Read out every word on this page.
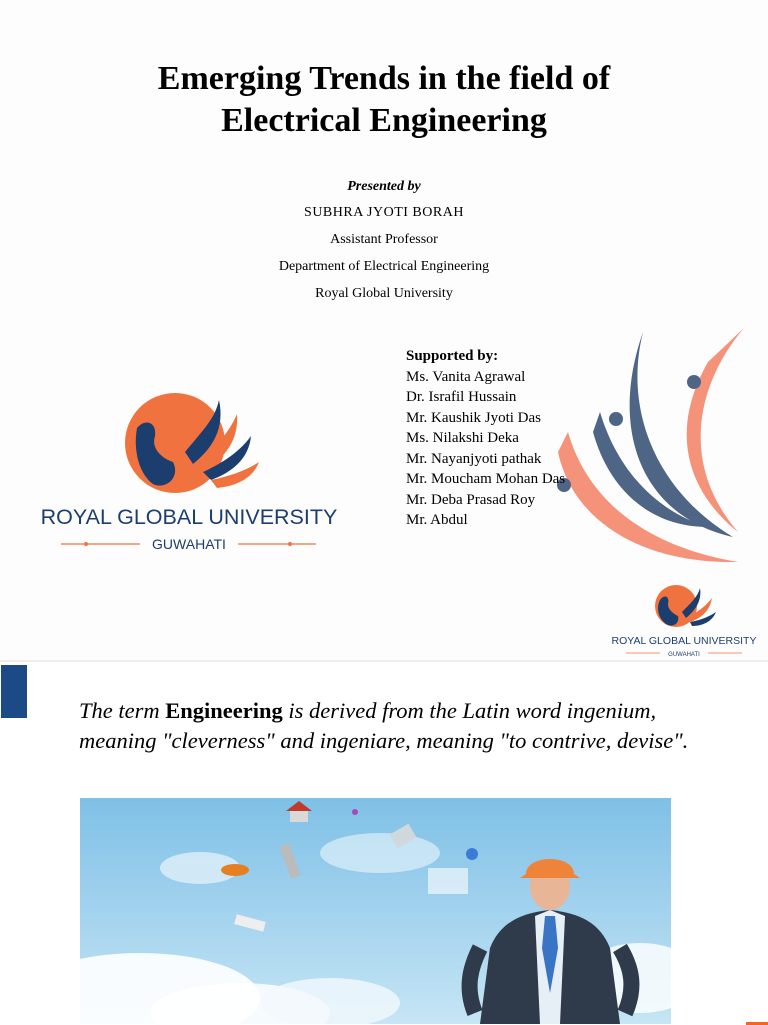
Emerging Trends in the field of
Electrical Engineering
Presented by
SUBHRA JYOTI BORAH
Assistant Professor
Department of Electrical Engineering
Royal Global University
ROYAL GLOBAL UNIVERSITY
GUWAHATI
Supported by:
Ms. Vanita Agrawal
Dr. Israfil Hussain
Mr. Kaushik Jyoti Das
Ms. Nilakshi Deka
Mr. Nayanjyoti pathak
Mr. Moucham Mohan Das
Mr. Deba Prasad Roy
Mr. Abdul
ROYAL GLOBAL UNIVERSITY
GUWAHATI
The term Engineering is derived from the Latin word ingenium, meaning "cleverness" and ingeniare, meaning "to contrive, devise".
